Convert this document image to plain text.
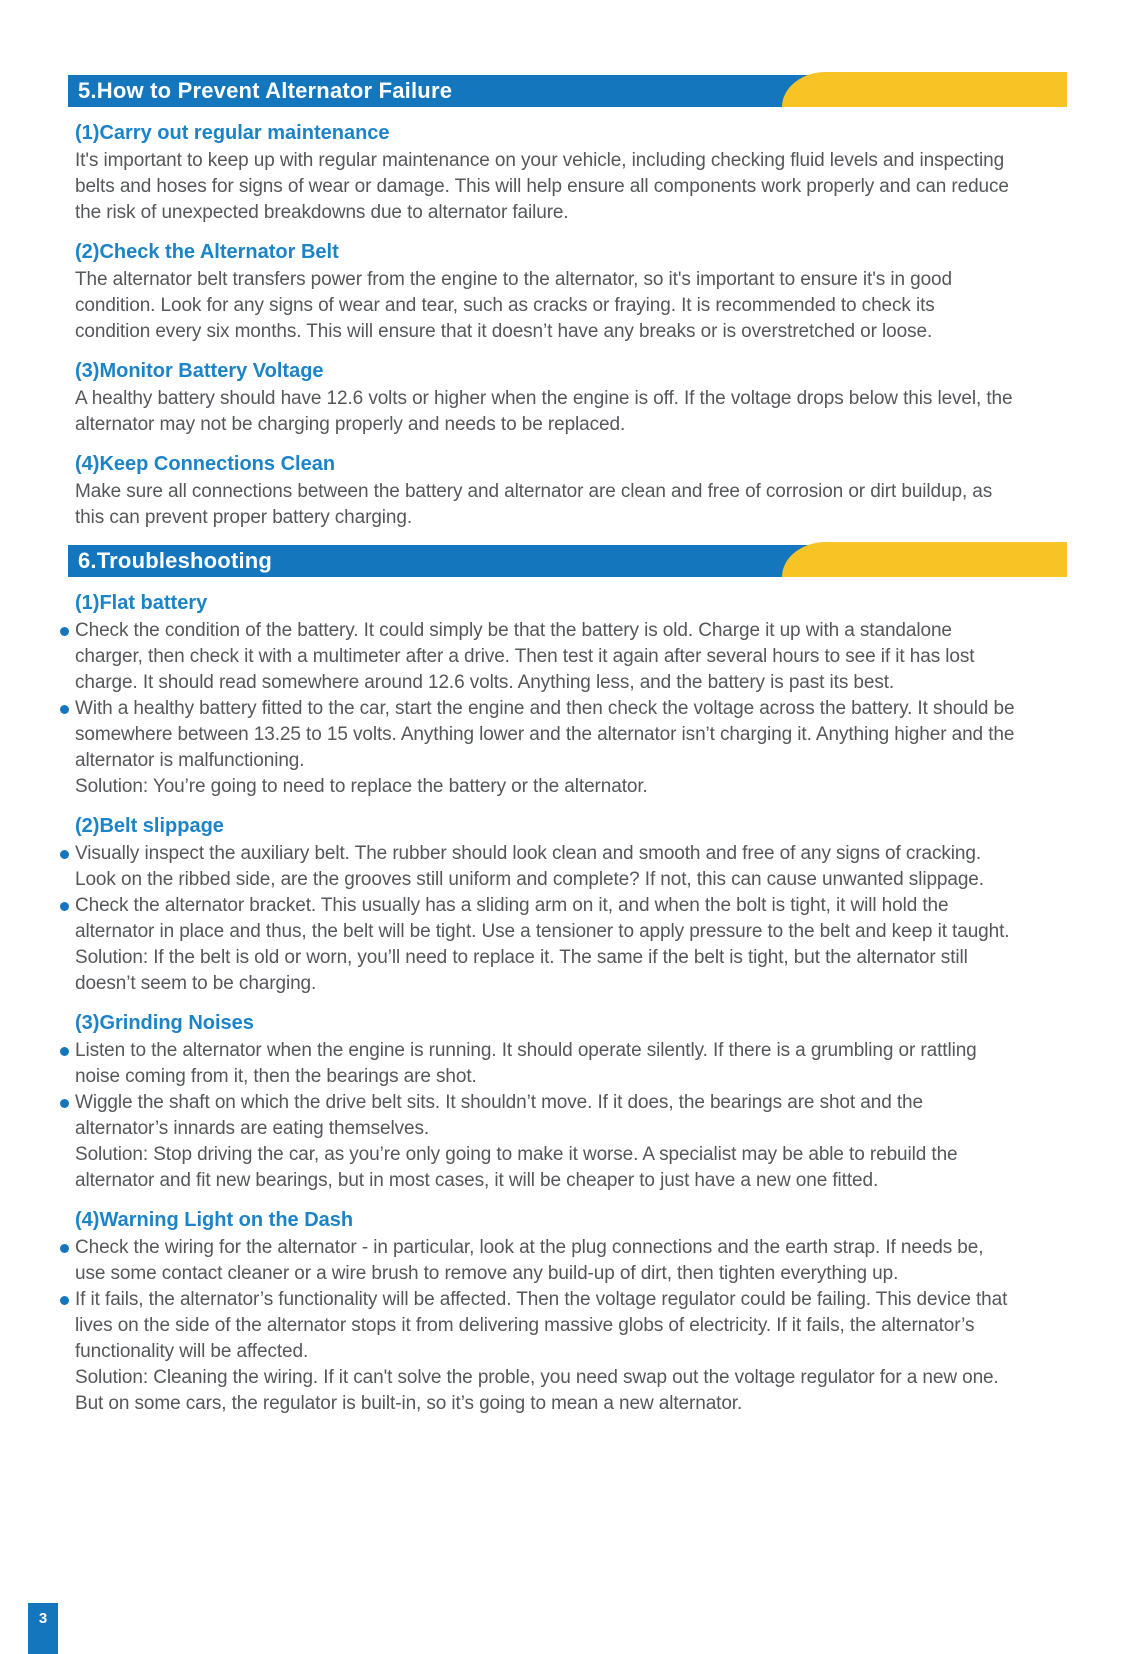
5.How to Prevent Alternator Failure
(1)Carry out regular maintenance
It's important to keep up with regular maintenance on your vehicle, including checking fluid levels and inspecting belts and hoses for signs of wear or damage. This will help ensure all components work properly and can reduce the risk of unexpected breakdowns due to alternator failure.
(2)Check the Alternator Belt
The alternator belt transfers power from the engine to the alternator, so it's important to ensure it's in good condition. Look for any signs of wear and tear, such as cracks or fraying. It is recommended to check its condition every six months. This will ensure that it doesn’t have any breaks or is overstretched or loose.
(3)Monitor Battery Voltage
A healthy battery should have 12.6 volts or higher when the engine is off. If the voltage drops below this level, the alternator may not be charging properly and needs to be replaced.
(4)Keep Connections Clean
Make sure all connections between the battery and alternator are clean and free of corrosion or dirt buildup, as this can prevent proper battery charging.
6.Troubleshooting
(1)Flat battery
Check the condition of the battery. It could simply be that the battery is old. Charge it up with a standalone charger, then check it with a multimeter after a drive. Then test it again after several hours to see if it has lost charge. It should read somewhere around 12.6 volts. Anything less, and the battery is past its best.
With a healthy battery fitted to the car, start the engine and then check the voltage across the battery. It should be somewhere between 13.25 to 15 volts. Anything lower and the alternator isn’t charging it. Anything higher and the alternator is malfunctioning.
Solution: You’re going to need to replace the battery or the alternator.
(2)Belt slippage
Visually inspect the auxiliary belt. The rubber should look clean and smooth and free of any signs of cracking. Look on the ribbed side, are the grooves still uniform and complete? If not, this can cause unwanted slippage.
Check the alternator bracket. This usually has a sliding arm on it, and when the bolt is tight, it will hold the alternator in place and thus, the belt will be tight. Use a tensioner to apply pressure to the belt and keep it taught.
Solution: If the belt is old or worn, you’ll need to replace it. The same if the belt is tight, but the alternator still doesn’t seem to be charging.
(3)Grinding Noises
Listen to the alternator when the engine is running. It should operate silently. If there is a grumbling or rattling noise coming from it, then the bearings are shot.
Wiggle the shaft on which the drive belt sits. It shouldn’t move. If it does, the bearings are shot and the alternator’s innards are eating themselves.
Solution: Stop driving the car, as you’re only going to make it worse. A specialist may be able to rebuild the alternator and fit new bearings, but in most cases, it will be cheaper to just have a new one fitted.
(4)Warning Light on the Dash
Check the wiring for the alternator - in particular, look at the plug connections and the earth strap. If needs be, use some contact cleaner or a wire brush to remove any build-up of dirt, then tighten everything up.
If it fails, the alternator’s functionality will be affected. Then the voltage regulator could be failing. This device that lives on the side of the alternator stops it from delivering massive globs of electricity. If it fails, the alternator’s functionality will be affected.
Solution: Cleaning the wiring. If it can't solve the proble, you need swap out the voltage regulator for a new one. But on some cars, the regulator is built-in, so it’s going to mean a new alternator.
3
